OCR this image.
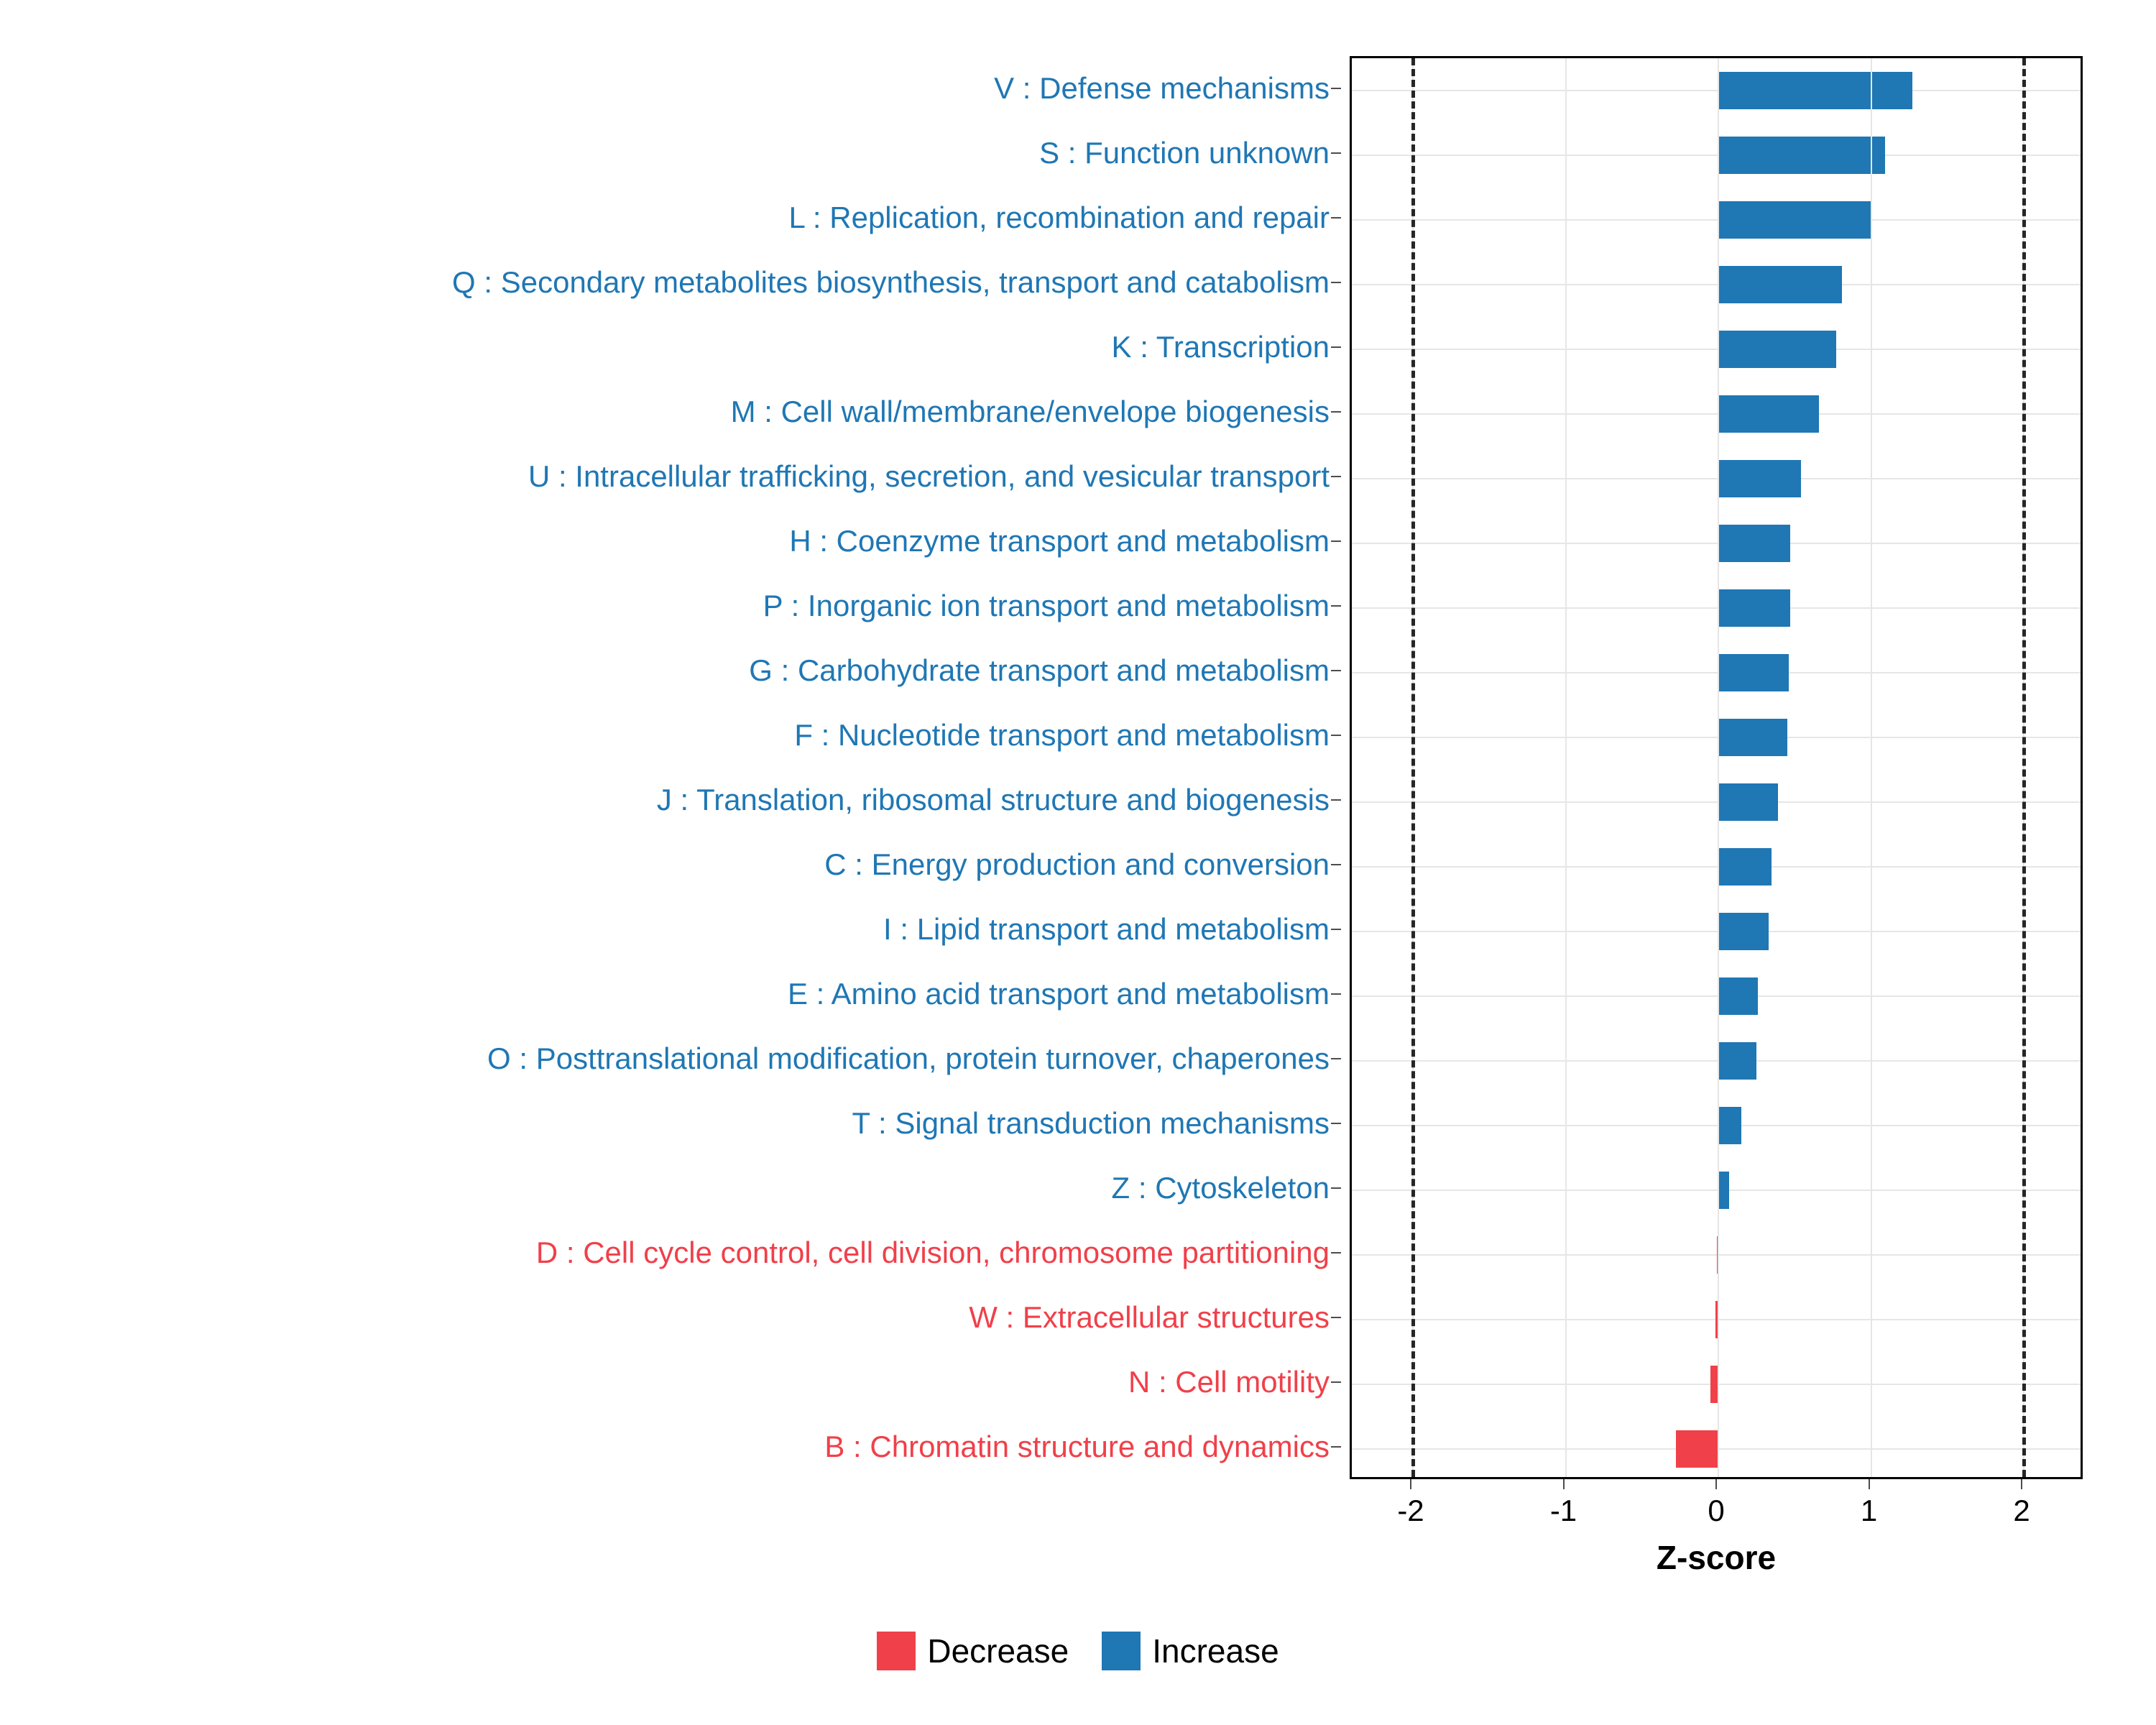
V : Defense mechanisms
S : Function unknown
L : Replication, recombination and repair
Q : Secondary metabolites biosynthesis, transport and catabolism
K : Transcription
M : Cell wall/membrane/envelope biogenesis
U : Intracellular trafficking, secretion, and vesicular transport
H : Coenzyme transport and metabolism
P : Inorganic ion transport and metabolism
G : Carbohydrate transport and metabolism
F : Nucleotide transport and metabolism
J : Translation, ribosomal structure and biogenesis
C : Energy production and conversion
I : Lipid transport and metabolism
E : Amino acid transport and metabolism
O : Posttranslational modification, protein turnover, chaperones
T : Signal transduction mechanisms
Z : Cytoskeleton
D : Cell cycle control, cell division, chromosome partitioning
W : Extracellular structures
N : Cell motility
B : Chromatin structure and dynamics
-2	-1	0	1	2
Z-score
Decrease	Increase
